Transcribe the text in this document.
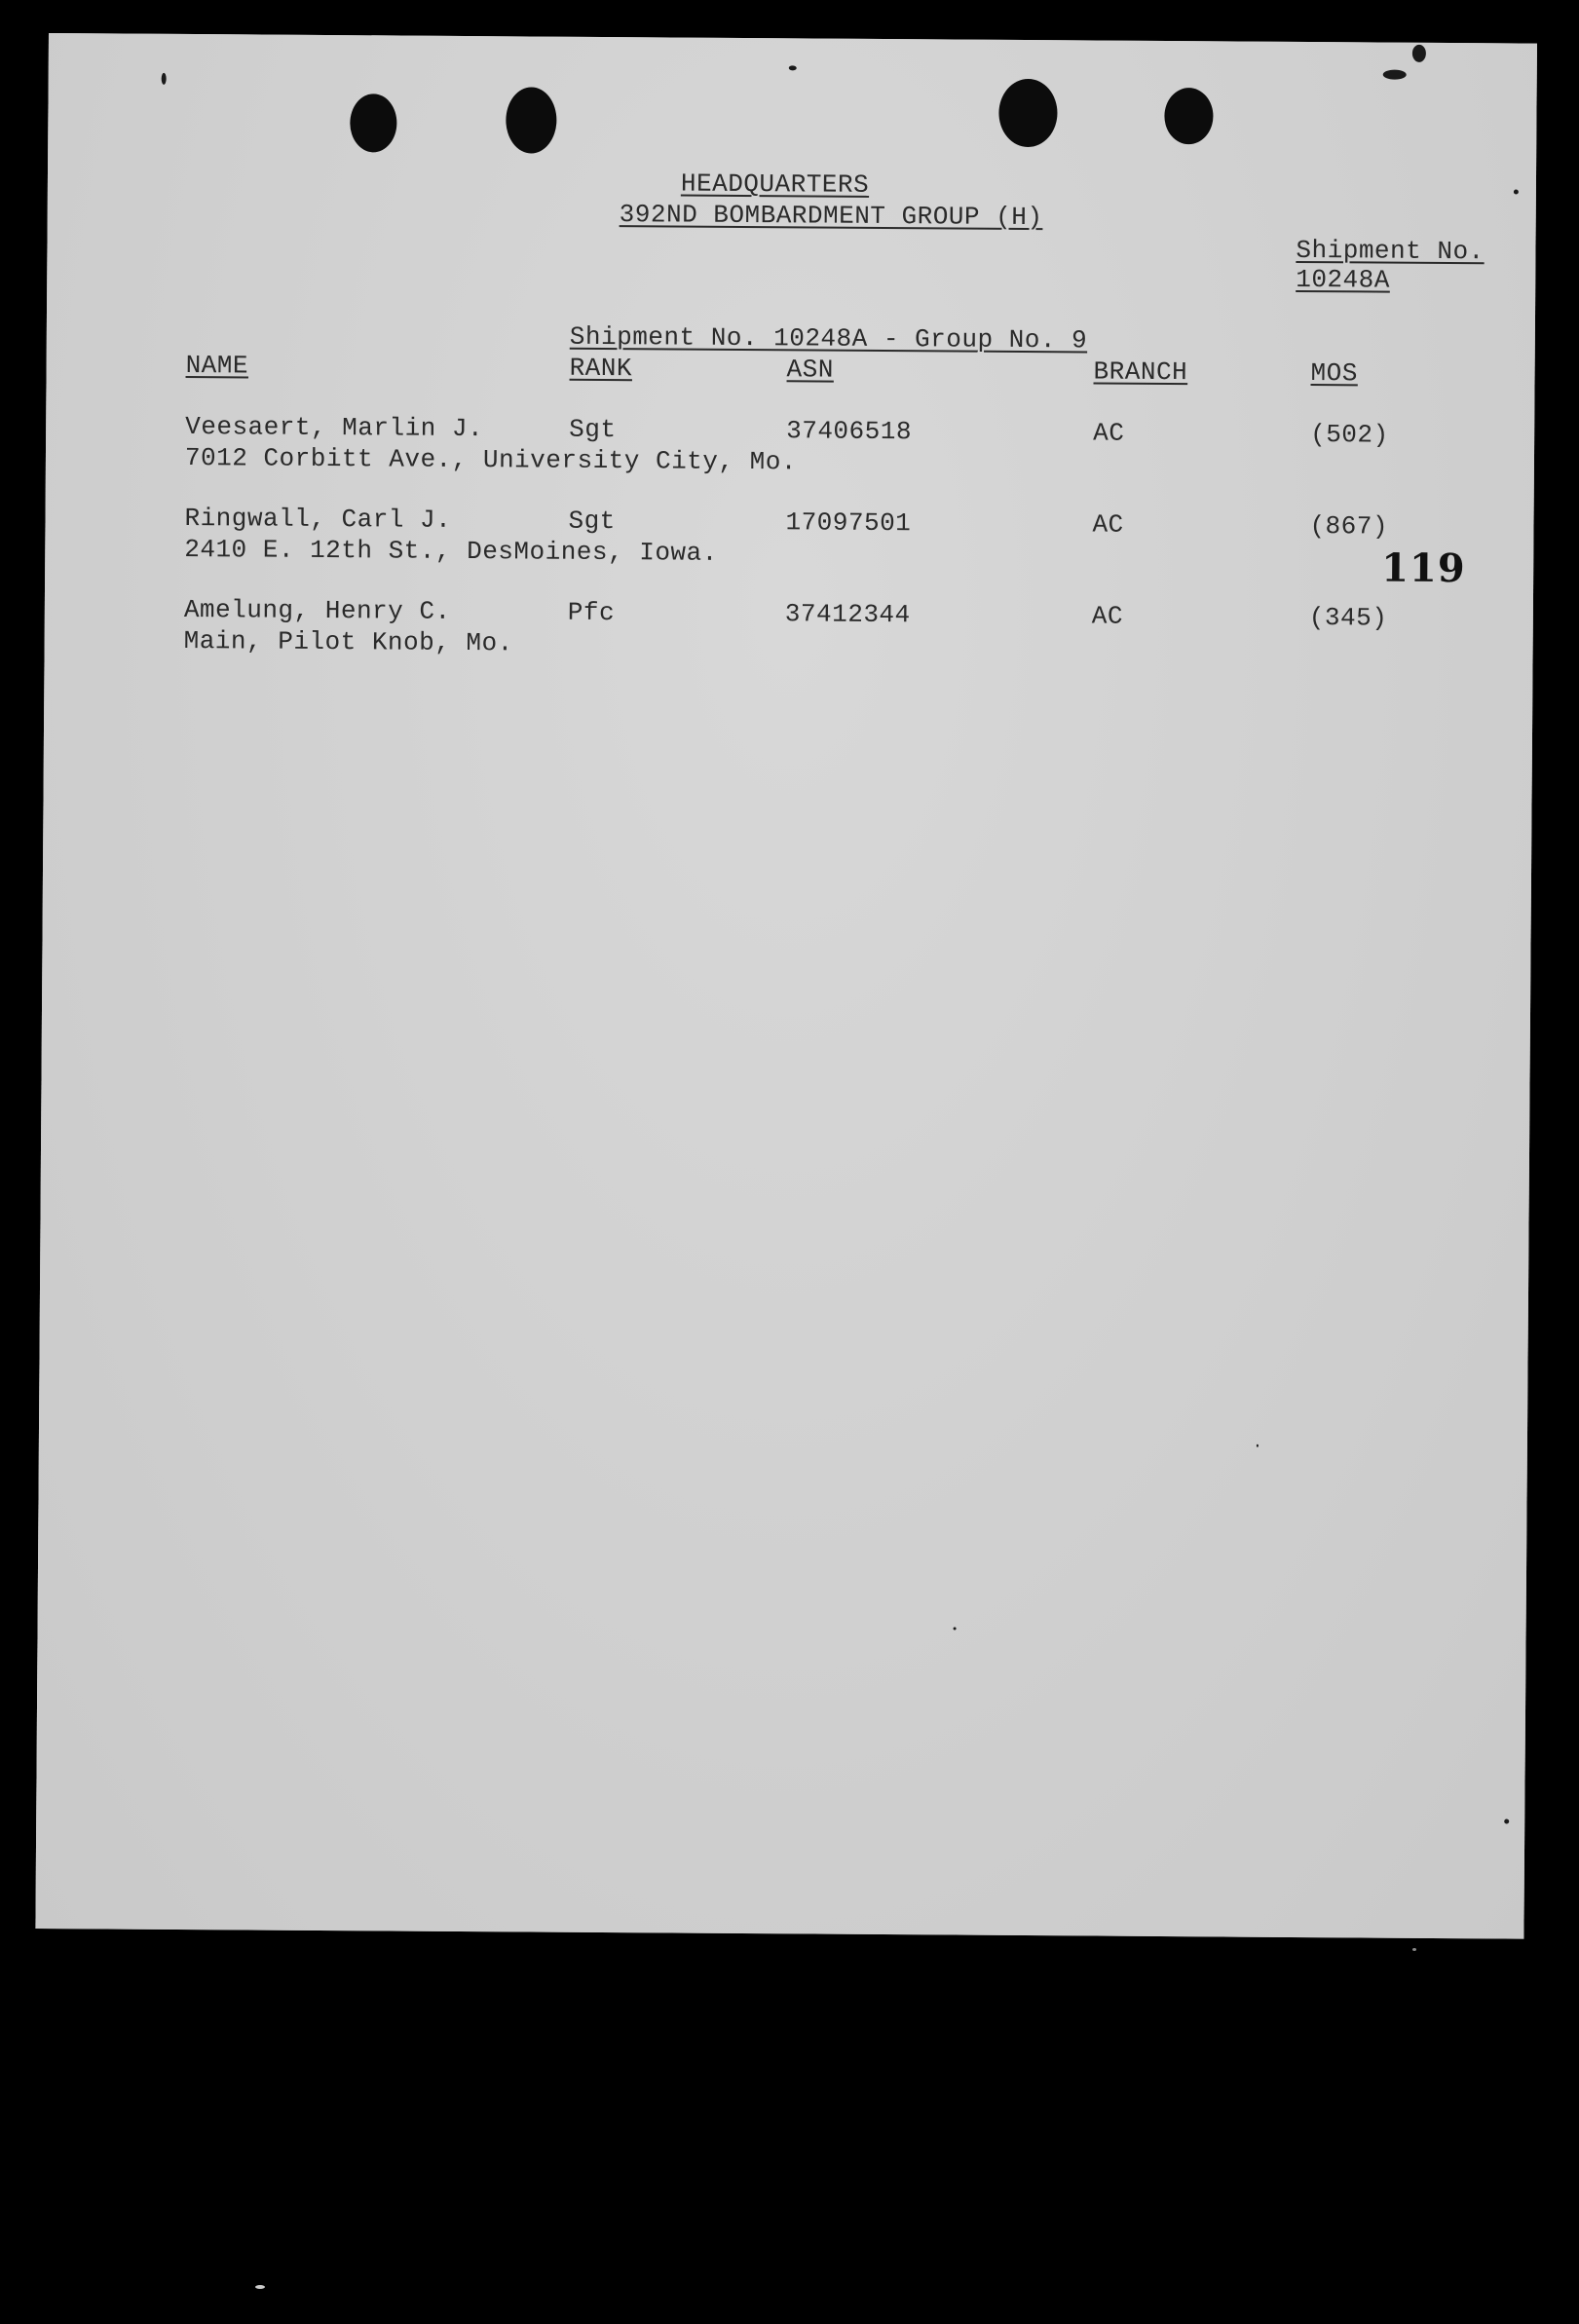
HEADQUARTERS
392ND BOMBARDMENT GROUP (H)
Shipment No.
10248A
Shipment No. 10248A - Group No. 9
NAME	RANK	ASN	BRANCH	MOS
Veesaert, Marlin J.	Sgt	37406518	AC	(502)
7012 Corbitt Ave., University City, Mo.
Ringwall, Carl J.	Sgt	17097501	AC	(867)
2410 E. 12th St., DesMoines, Iowa.	119
Amelung, Henry C.	Pfc	37412344	AC	(345)
Main, Pilot Knob, Mo.
